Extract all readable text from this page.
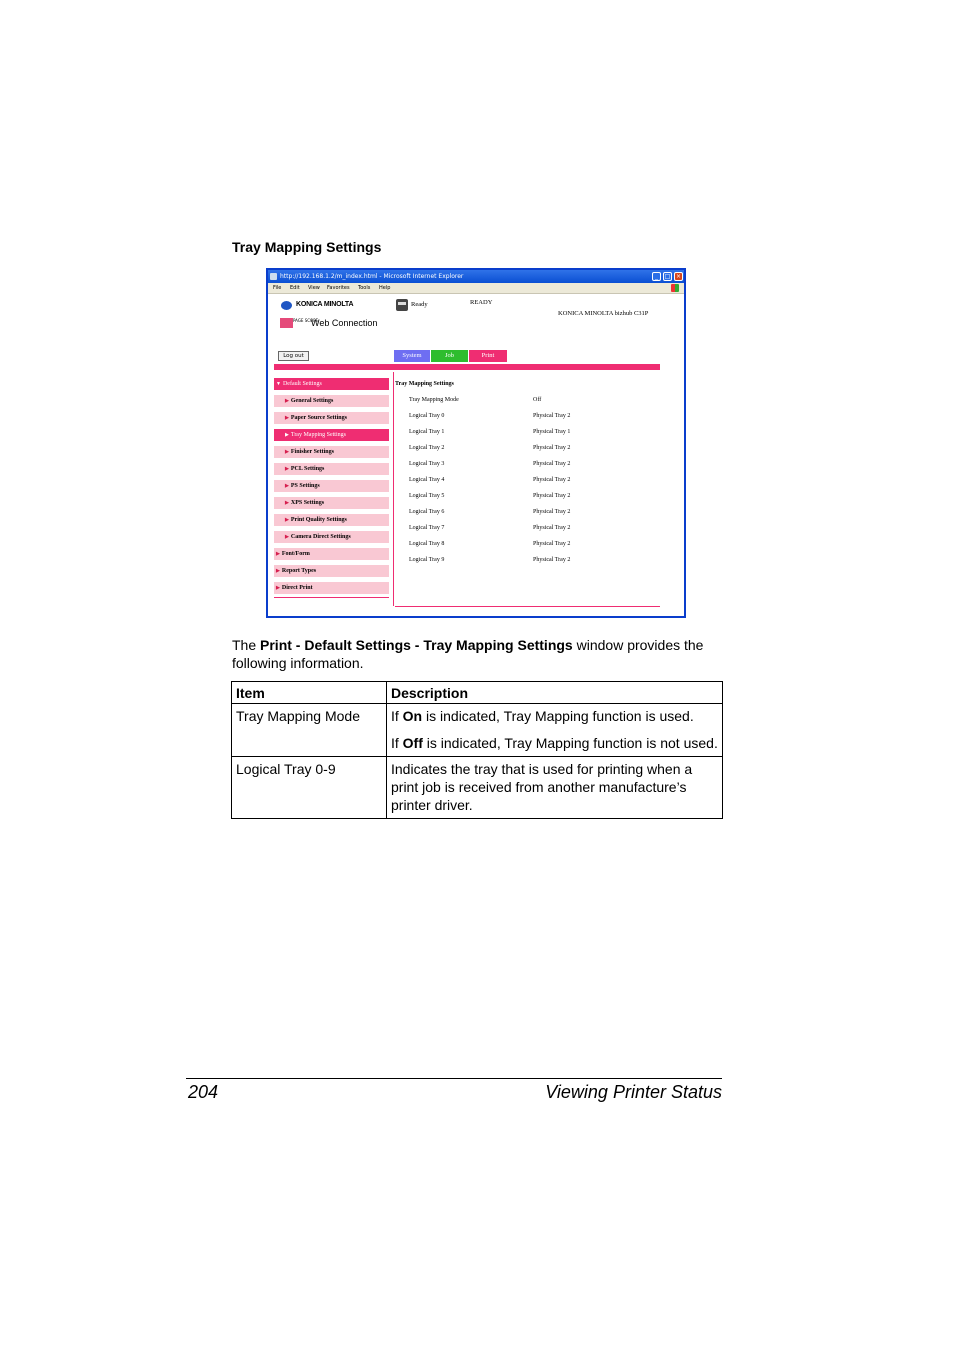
Tray Mapping Settings
http://192.168.1.2/m_index.html - Microsoft Internet Explorer	_	□ ×
File Edit View Favorites Tools Help
KONICA MINOLTA
PAGE SCOPE
Web Connection
Ready	READY
KONICA MINOLTA bizhub C31P
Log out	System	Job	Print
▼ Default Settings
▶ General Settings
▶ Paper Source Settings
▶ Tray Mapping Settings
▶ Finisher Settings
▶ PCL Settings
▶ PS Settings
▶ XPS Settings
▶ Print Quality Settings
▶ Camera Direct Settings
▶ Font/Form
▶ Report Types
▶ Direct Print
Tray Mapping Settings
Tray Mapping Mode	Off
Logical Tray 0	Physical Tray 2
Logical Tray 1	Physical Tray 1
Logical Tray 2	Physical Tray 2
Logical Tray 3	Physical Tray 2
Logical Tray 4	Physical Tray 2
Logical Tray 5	Physical Tray 2
Logical Tray 6	Physical Tray 2
Logical Tray 7	Physical Tray 2
Logical Tray 8	Physical Tray 2
Logical Tray 9	Physical Tray 2
The Print - Default Settings - Tray Mapping Settings window provides the following information.
Item	Description
Tray Mapping Mode	If On is indicated, Tray Mapping function is used.

If Off is indicated, Tray Mapping function is not used.

Logical Tray 0-9	Indicates the tray that is used for printing when a print job is received from another manufacture’s printer driver.
204	Viewing Printer Status
